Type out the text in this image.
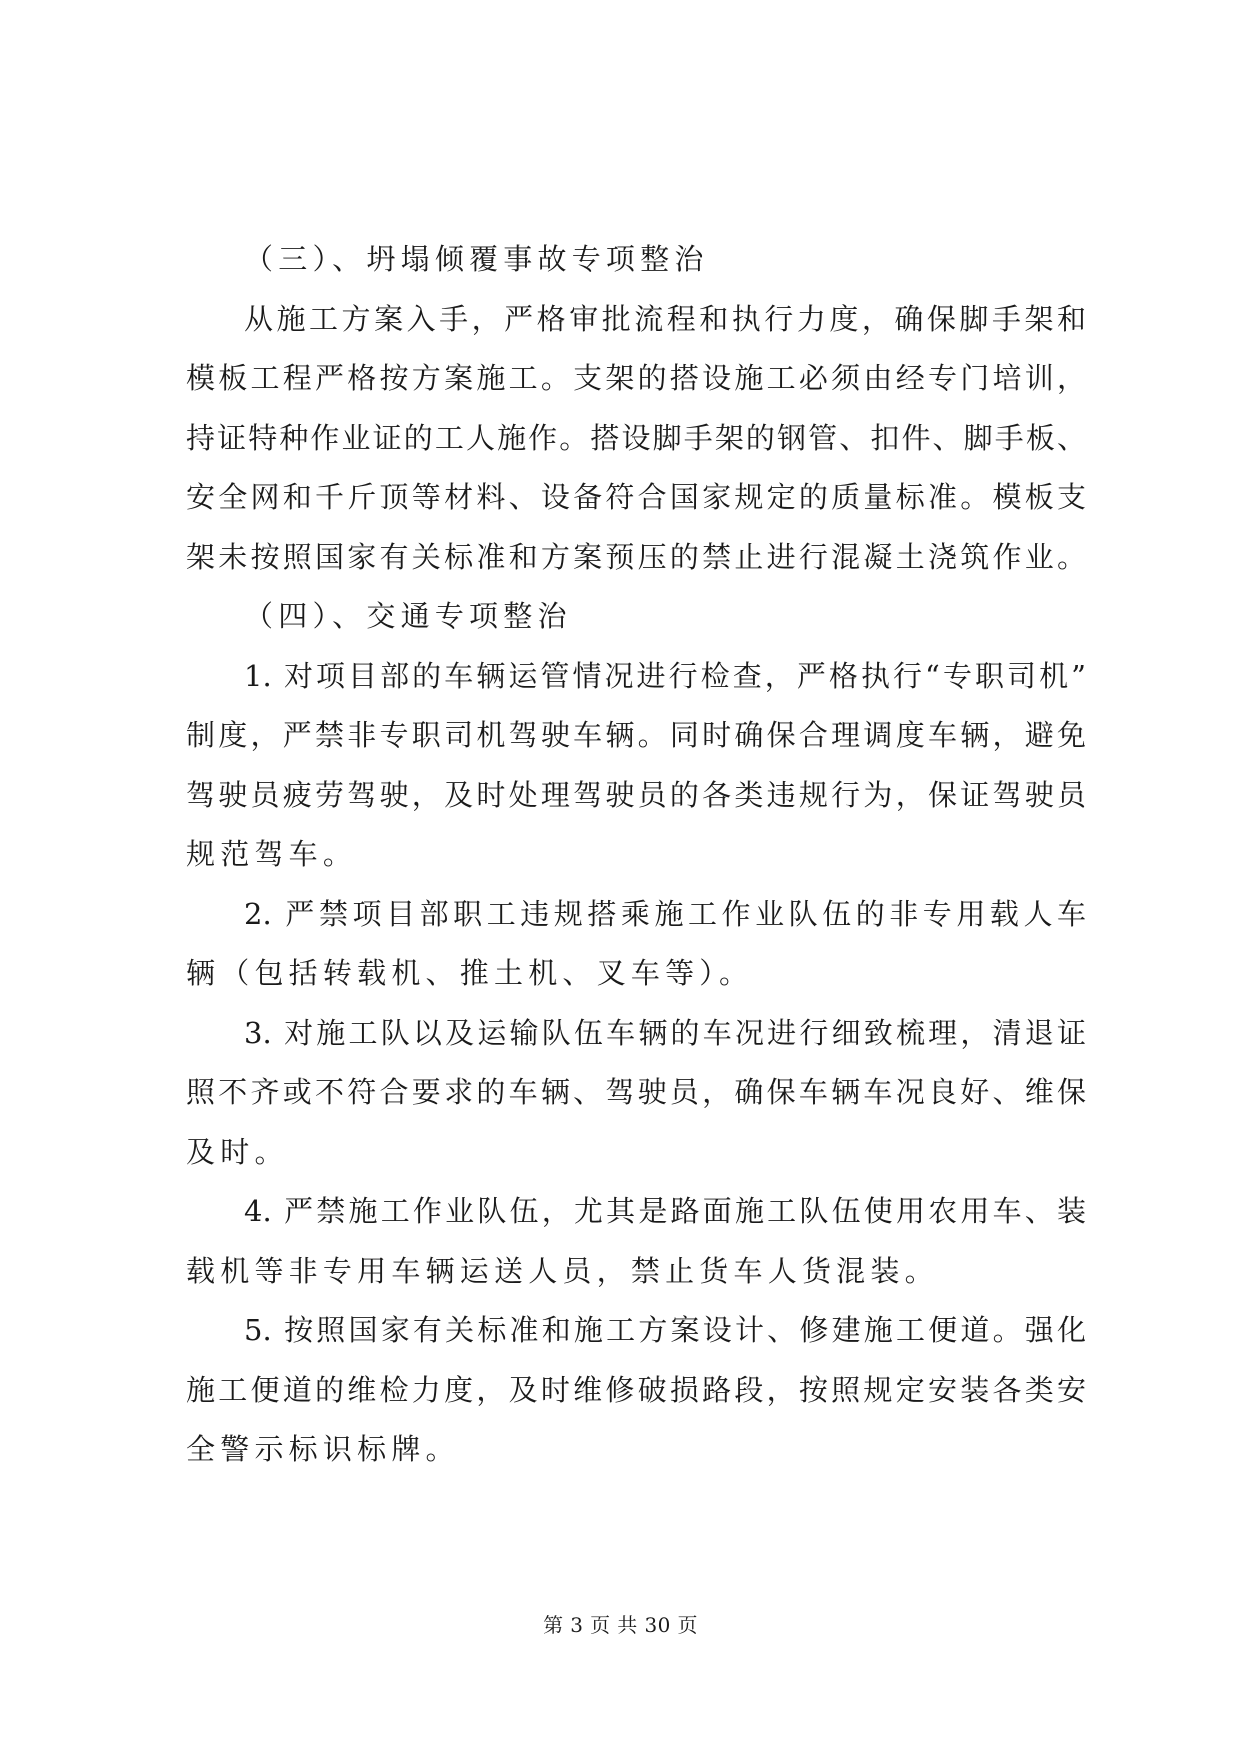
（三）、坍塌倾覆事故专项整治
从施工方案入手，严格审批流程和执行力度，确保脚手架和
模板工程严格按方案施工。支架的搭设施工必须由经专门培训，
持证特种作业证的工人施作。搭设脚手架的钢管、扣件、脚手板、
安全网和千斤顶等材料、设备符合国家规定的质量标准。模板支
架未按照国家有关标准和方案预压的禁止进行混凝土浇筑作业。
（四）、交通专项整治
1. 对项目部的车辆运管情况进行检查，严格执行“专职司机”
制度，严禁非专职司机驾驶车辆。同时确保合理调度车辆，避免
驾驶员疲劳驾驶，及时处理驾驶员的各类违规行为，保证驾驶员
规范驾车。
2. 严禁项目部职工违规搭乘施工作业队伍的非专用载人车
辆（包括转载机、推土机、叉车等）。
3. 对施工队以及运输队伍车辆的车况进行细致梳理，清退证
照不齐或不符合要求的车辆、驾驶员，确保车辆车况良好、维保
及时。
4. 严禁施工作业队伍，尤其是路面施工队伍使用农用车、装
载机等非专用车辆运送人员，禁止货车人货混装。
5. 按照国家有关标准和施工方案设计、修建施工便道。强化
施工便道的维检力度，及时维修破损路段，按照规定安装各类安
全警示标识标牌。
第 3 页 共 30 页
